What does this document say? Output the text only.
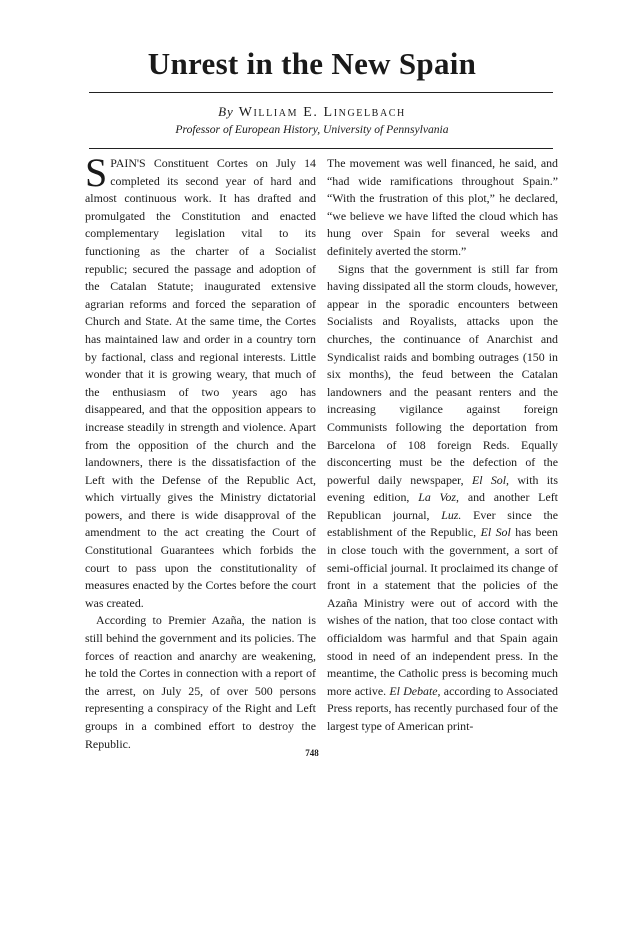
Unrest in the New Spain
By William E. Lingelbach
Professor of European History, University of Pennsylvania

SPAIN'S Constituent Cortes on July 14 completed its second year of hard and almost continuous work. It has drafted and promulgated the Constitution and enacted complementary legislation vital to its functioning as the charter of a Socialist republic; secured the passage and adoption of the Catalan Statute; inaugurated extensive agrarian reforms and forced the separation of Church and State. At the same time, the Cortes has maintained law and order in a country torn by factional, class and regional interests. Little wonder that it is growing weary, that much of the enthusiasm of two years ago has disappeared, and that the opposition appears to increase steadily in strength and violence. Apart from the opposition of the church and the landowners, there is the dissatisfaction of the Left with the Defense of the Republic Act, which virtually gives the Ministry dictatorial powers, and there is wide disapproval of the amendment to the act creating the Court of Constitutional Guarantees which forbids the court to pass upon the constitutionality of measures enacted by the Cortes before the court was created.

According to Premier Azaña, the nation is still behind the government and its policies. The forces of reaction and anarchy are weakening, he told the Cortes in connection with a report of the arrest, on July 25, of over 500 persons representing a conspiracy of the Right and Left groups in a combined effort to destroy the Republic.

The movement was well financed, he said, and “had wide ramifications throughout Spain.” “With the frustration of this plot,” he declared, “we believe we have lifted the cloud which has hung over Spain for several weeks and definitely averted the storm.”

Signs that the government is still far from having dissipated all the storm clouds, however, appear in the sporadic encounters between Socialists and Royalists, attacks upon the churches, the continuance of Anarchist and Syndicalist raids and bombing outrages (150 in six months), the feud between the Catalan landowners and the peasant renters and the increasing vigilance against foreign Communists following the deportation from Barcelona of 108 foreign Reds. Equally disconcerting must be the defection of the powerful daily newspaper, El Sol, with its evening edition, La Voz, and another Left Republican journal, Luz. Ever since the establishment of the Republic, El Sol has been in close touch with the government, a sort of semi-official journal. It proclaimed its change of front in a statement that the policies of the Azaña Ministry were out of accord with the wishes of the nation, that too close contact with officialdom was harmful and that Spain again stood in need of an independent press. In the meantime, the Catholic press is becoming much more active. El Debate, according to Associated Press reports, has recently purchased four of the largest type of American print-

748
